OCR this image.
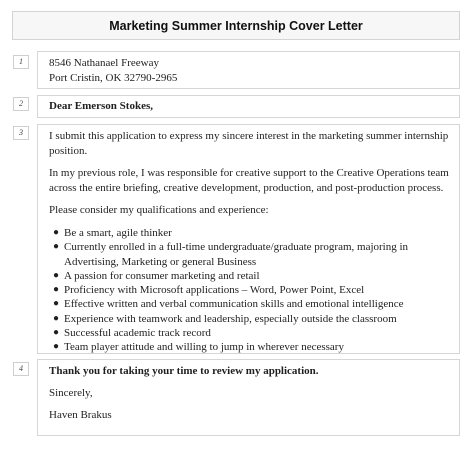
Marketing Summer Internship Cover Letter
1	8546 Nathanael Freeway

Port Cristin, OK 32790-2965

2	Dear Emerson Stokes,

3	I submit this application to express my sincere interest in the marketing summer internship position.

In my previous role, I was responsible for creative support to the Creative Operations team across the entire briefing, creative development, production, and post-production process.

Please consider my qualifications and experience:

● Be a smart, agile thinker
● Currently enrolled in a full-time undergraduate/graduate program, majoring in Advertising, Marketing or general Business
● A passion for consumer marketing and retail
● Proficiency with Microsoft applications – Word, Power Point, Excel
● Effective written and verbal communication skills and emotional intelligence
● Experience with teamwork and leadership, especially outside the classroom
● Successful academic track record
● Team player attitude and willing to jump in wherever necessary
4	Thank you for taking your time to review my application.

Sincerely,

Haven Brakus
